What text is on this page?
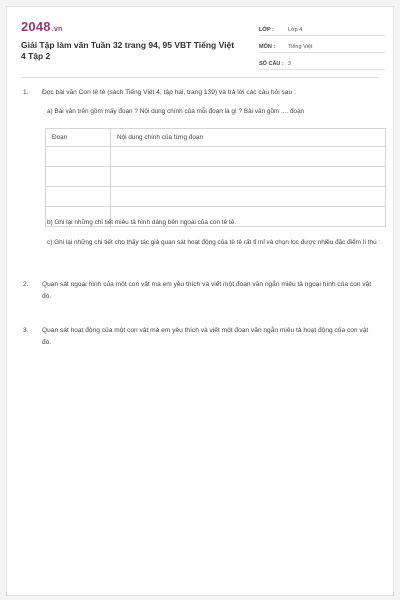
2048.vn
Giải Tập làm văn Tuần 32 trang 94, 95 VBT Tiếng Việt 4 Tập 2
LỚP :	Lớp 4
MÔN :	Tiếng Việt
SỐ CÂU : 3
1. Đọc bài văn Con tê tê (sách Tiếng Việt 4, tập hai, trang 139) và trả lời các câu hỏi sau :
a) Bài văn trên gồm mấy đoạn ? Nội dung chính của mỗi đoạn là gì ? Bài văn gồm .... đoạn
Đoạn	Nội dung chính của từng đoạn

b) Ghi lại những chi tiết miêu tả hình dáng bên ngoài của con tê tê.
c) Ghi lại những chi tiết cho thấy tác giả quan sát hoạt động của tê tê rất tỉ mỉ và chọn lọc được nhiều đặc điểm lí thú :
2. Quan sát ngoại hình của một con vật mà em yêu thích và viết một đoạn văn ngắn miêu tả ngoại hình của con vật đó.
3. Quan sát hoạt động của một con vật mà em yêu thích và viết một đoạn văn ngắn miêu tả hoạt động của con vật đó.
